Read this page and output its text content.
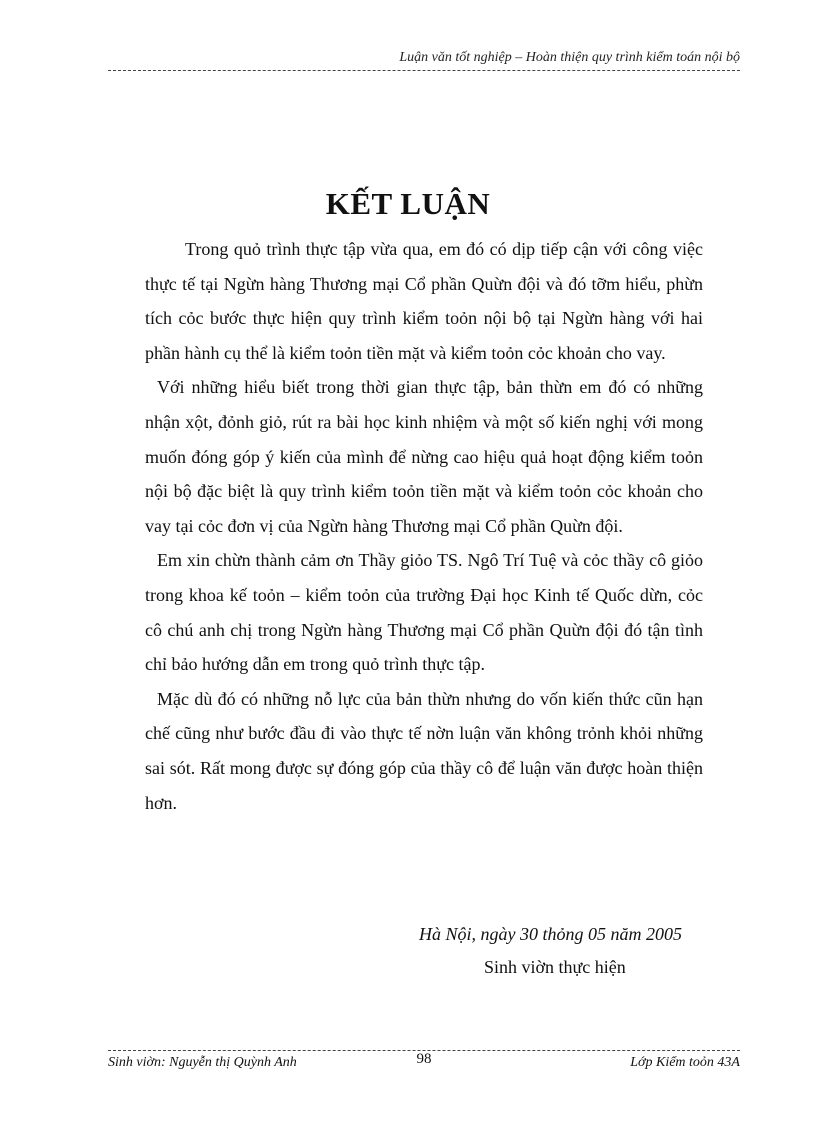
Luận văn tốt nghiệp – Hoàn thiện quy trình kiểm toán nội bộ
KẾT LUẬN

Trong quỏ trình thực tập vừa qua, em đó có dịp tiếp cận với công việc thực tế tại Ngừn hàng Thương mại Cổ phần Quừn đội và đó tỡm hiểu, phừn tích cỏc bước thực hiện quy trình kiểm toỏn nội bộ tại Ngừn hàng với hai phần hành cụ thể là kiểm toỏn tiền mặt và kiểm toỏn cỏc khoản cho vay.

Với những hiểu biết trong thời gian thực tập, bản thừn em đó có những nhận xột, đỏnh giỏ, rút ra bài học kinh nhiệm và một số kiến nghị với mong muốn đóng góp ý kiến của mình để nừng cao hiệu quả hoạt động kiểm toỏn nội bộ đặc biệt là quy trình kiểm toỏn tiền mặt và kiểm toỏn cỏc khoản cho vay tại cỏc đơn vị của Ngừn hàng Thương mại Cổ phần Quừn đội.

Em xin chừn thành cảm ơn Thầy giỏo TS. Ngô Trí Tuệ và cỏc thầy cô giỏo trong khoa kế toỏn – kiểm toỏn của trường Đại học Kinh tế Quốc dừn, cỏc cô chú anh chị trong Ngừn hàng Thương mại Cổ phần Quừn đội đó tận tình chỉ bảo hướng dẫn em trong quỏ trình thực tập.

Mặc dù đó có những nỗ lực của bản thừn nhưng do vốn kiến thức cũn hạn chế cũng như bước đầu đi vào thực tế nờn luận văn không trỏnh khỏi những sai sót. Rất mong được sự đóng góp của thầy cô để luận văn được hoàn thiện hơn.

Hà Nội, ngày 30 thỏng 05 năm 2005
Sinh viờn thực hiện
Sinh viờn: Nguyễn thị Quỳnh Anh	98	Lớp Kiểm toỏn 43A
